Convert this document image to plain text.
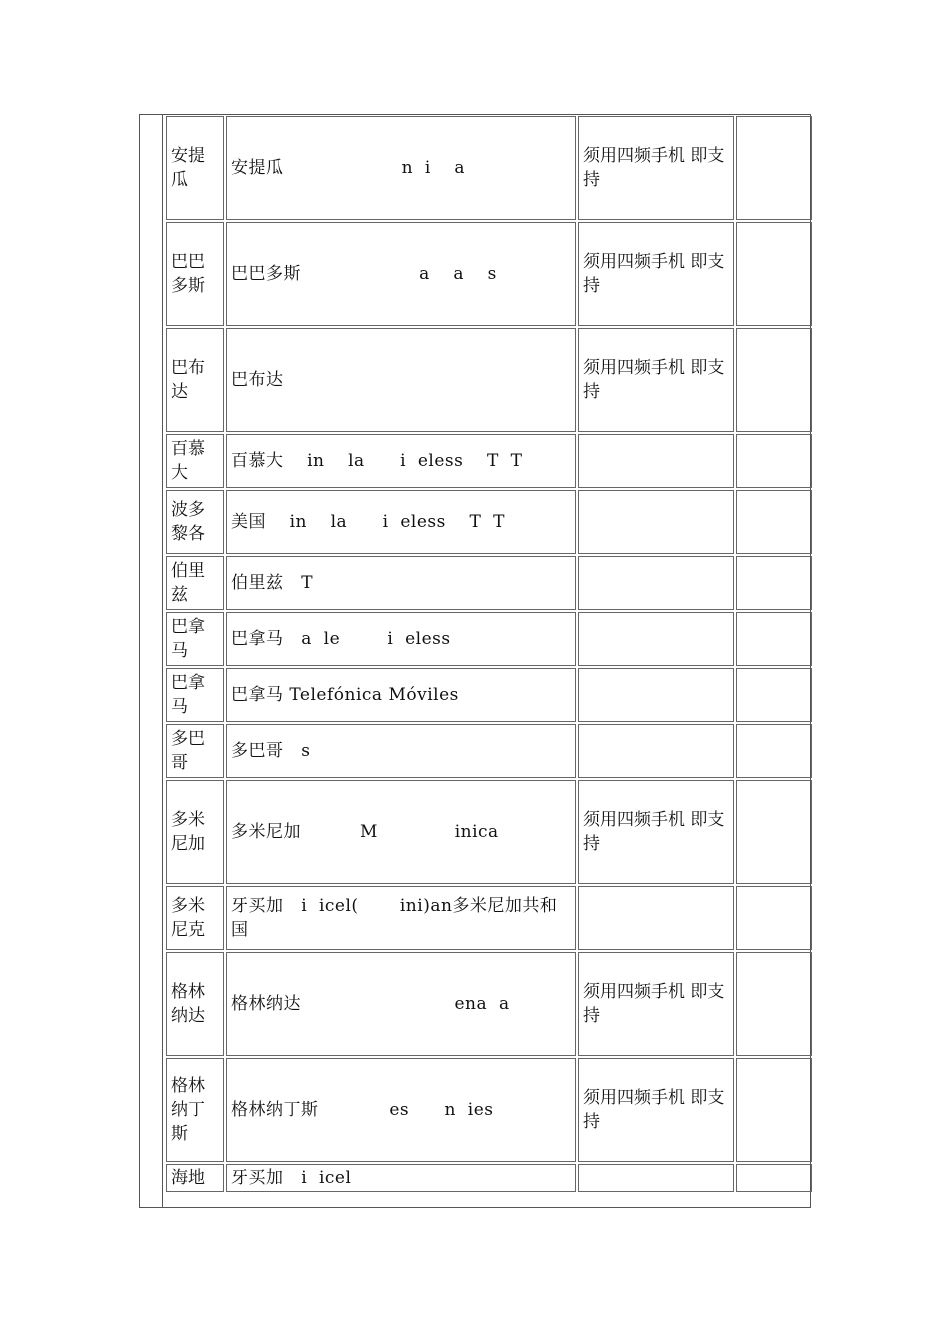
安提瓜	安提瓜                    n  i    a	须用四频手机 即支持	
巴巴多斯	巴巴多斯                    a    a    s	须用四频手机 即支持	
巴布达	巴布达	须用四频手机 即支持	
百慕大	百慕大    in    la      i  eless    T  T		
波多黎各	美国    in    la      i  eless    T  T		
伯里兹	伯里兹   T		
巴拿马	巴拿马   a  le        i  eless		
巴拿马	巴拿马 Telefónica Móviles		
多巴哥	多巴哥   s		
多米尼加	多米尼加          M             inica	须用四频手机 即支持	
多米尼克	牙买加   i  icel(       ini)an多米尼加共和国		
格林纳达	格林纳达                          ena  a	须用四频手机 即支持	
格林纳丁斯	格林纳丁斯            es      n  ies	须用四频手机 即支持	
海地	牙买加   i  icel		
